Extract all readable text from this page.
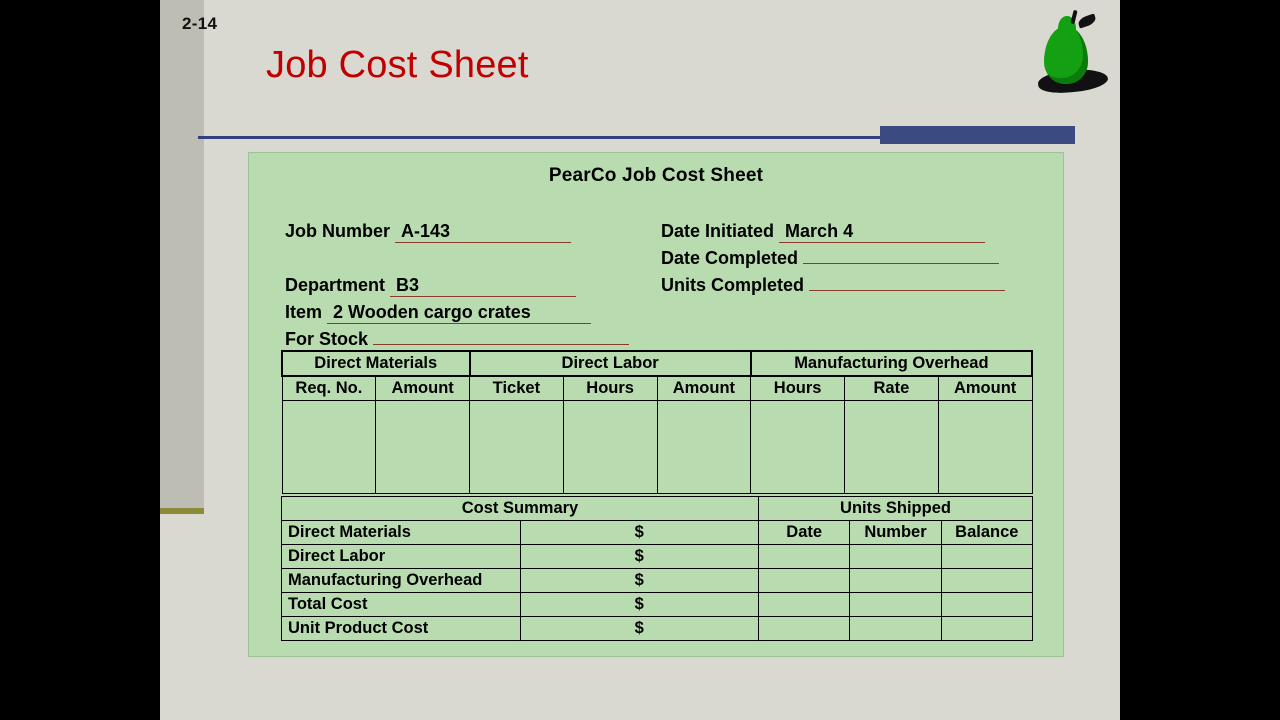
2-14
Job Cost Sheet
PearCo Job Cost Sheet
Job Number A-143	Date Initiated March 4
Date Completed
Department B3	Units Completed
Item 2 Wooden cargo crates
For Stock
Direct Materials		Direct Labor			Manufacturing Overhead		
Req. No.	Amount	Ticket	Hours	Amount	Hours	Rate	Amount

Cost Summary		Units Shipped		
Direct Materials	$	Date	Number	Balance
Direct Labor	$			
Manufacturing Overhead	$			
Total Cost	$			
Unit Product Cost	$			
